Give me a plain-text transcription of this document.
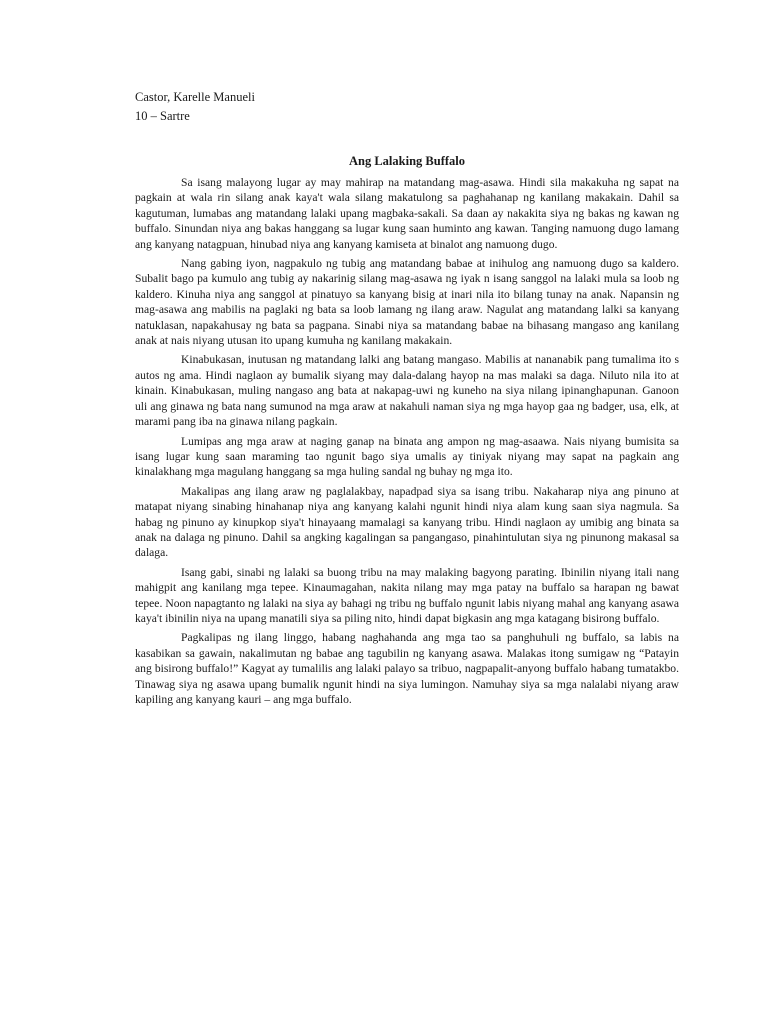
Castor, Karelle Manueli

10 – Sartre

Ang Lalaking Buffalo

Sa isang malayong lugar ay may mahirap na matandang mag-asawa. Hindi sila makakuha ng sapat na pagkain at wala rin silang anak kaya't wala silang makatulong sa paghahanap ng kanilang makakain. Dahil sa kagutuman, lumabas ang matandang lalaki upang magbaka-sakali. Sa daan ay nakakita siya ng bakas ng kawan ng buffalo. Sinundan niya ang bakas hanggang sa lugar kung saan huminto ang kawan. Tanging namuong dugo lamang ang kanyang natagpuan, hinubad niya ang kanyang kamiseta at binalot ang namuong dugo.

Nang gabing iyon, nagpakulo ng tubig ang matandang babae at inihulog ang namuong dugo sa kaldero. Subalit bago pa kumulo ang tubig ay nakarinig silang mag-asawa ng iyak n isang sanggol na lalaki mula sa loob ng kaldero. Kinuha niya ang sanggol at pinatuyo sa kanyang bisig at inari nila ito bilang tunay na anak. Napansin ng mag-asawa ang mabilis na paglaki ng bata sa loob lamang ng ilang araw. Nagulat ang matandang lalki sa kanyang natuklasan, napakahusay ng bata sa pagpana. Sinabi niya sa matandang babae na bihasang mangaso ang kanilang anak at nais niyang utusan ito upang kumuha ng kanilang makakain.

Kinabukasan, inutusan ng matandang lalki ang batang mangaso. Mabilis at nananabik pang tumalima ito s autos ng ama. Hindi naglaon ay bumalik siyang may dala-dalang hayop na mas malaki sa daga. Niluto nila ito at kinain. Kinabukasan, muling nangaso ang bata at nakapag-uwi ng kuneho na siya nilang ipinanghapunan. Ganoon uli ang ginawa ng bata nang sumunod na mga araw at nakahuli naman siya ng mga hayop gaa ng badger, usa, elk, at marami pang iba na ginawa nilang pagkain.

Lumipas ang mga araw at naging ganap na binata ang ampon ng mag-asaawa. Nais niyang bumisita sa isang lugar kung saan maraming tao ngunit bago siya umalis ay tiniyak niyang may sapat na pagkain ang kinalakhang mga magulang hanggang sa mga huling sandal ng buhay ng mga ito.

Makalipas ang ilang araw ng paglalakbay, napadpad siya sa isang tribu. Nakaharap niya ang pinuno at matapat niyang sinabing hinahanap niya ang kanyang kalahi ngunit hindi niya alam kung saan siya nagmula. Sa habag ng pinuno ay kinupkop siya't hinayaang mamalagi sa kanyang tribu. Hindi naglaon ay umibig ang binata sa anak na dalaga ng pinuno. Dahil sa angking kagalingan sa pangangaso, pinahintulutan siya ng pinunong makasal sa dalaga.

Isang gabi, sinabi ng lalaki sa buong tribu na may malaking bagyong parating. Ibinilin niyang itali nang mahigpit ang kanilang mga tepee. Kinaumagahan, nakita nilang may mga patay na buffalo sa harapan ng bawat tepee. Noon napagtanto ng lalaki na siya ay bahagi ng tribu ng buffalo ngunit labis niyang mahal ang kanyang asawa kaya't ibinilin niya na upang manatili siya sa piling nito, hindi dapat bigkasin ang mga katagang bisirong buffalo.

Pagkalipas ng ilang linggo, habang naghahanda ang mga tao sa panghuhuli ng buffalo, sa labis na kasabikan sa gawain, nakalimutan ng babae ang tagubilin ng kanyang asawa. Malakas itong sumigaw ng “Patayin ang bisirong buffalo!” Kagyat ay tumalilis ang lalaki palayo sa tribuo, nagpapalit-anyong buffalo habang tumatakbo. Tinawag siya ng asawa upang bumalik ngunit hindi na siya lumingon. Namuhay siya sa mga nalalabi niyang araw kapiling ang kanyang kauri – ang mga buffalo.
